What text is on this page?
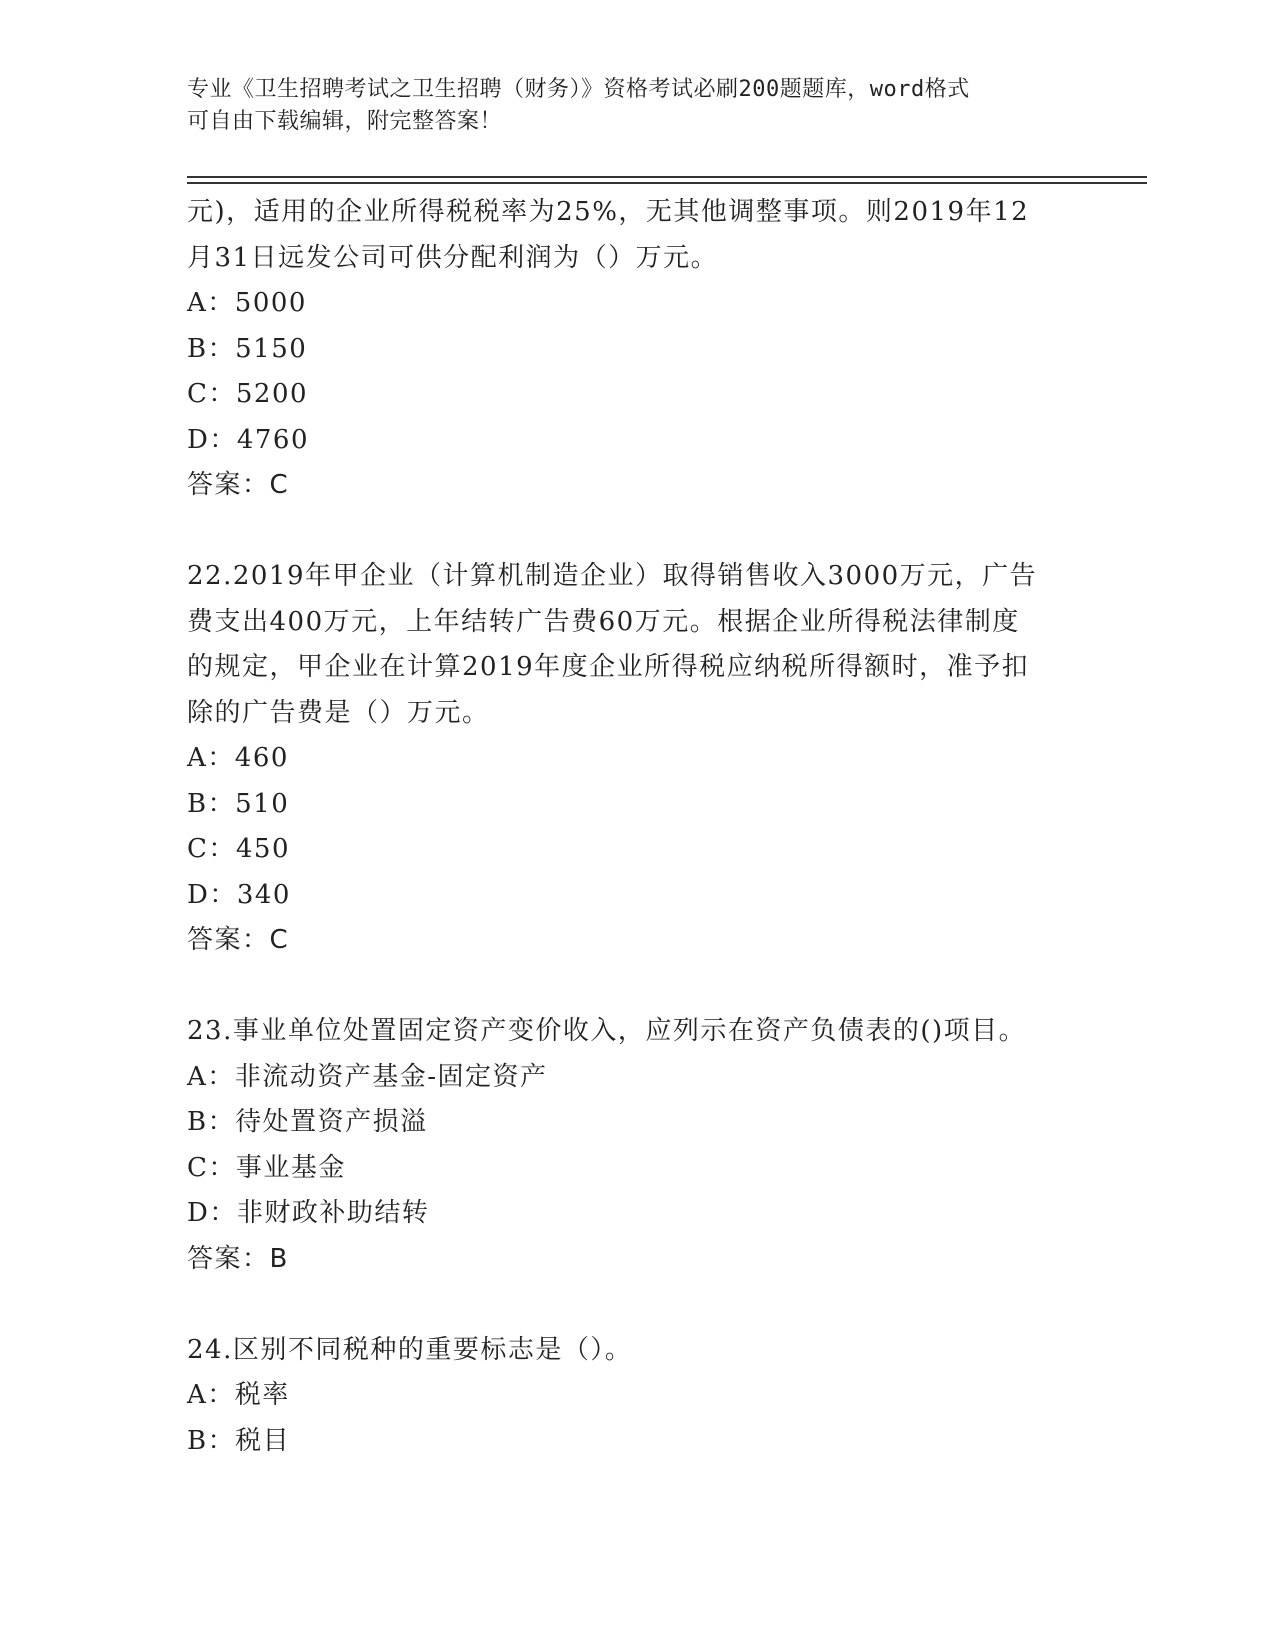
专业《卫生招聘考试之卫生招聘（财务）》资格考试必刷200题题库，word格式
可自由下载编辑，附完整答案！
元)，适用的企业所得税税率为25%，无其他调整事项。则2019年12
月31日远发公司可供分配利润为（）万元。
A：5000
B：5150
C：5200
D：4760
答案：C
22.2019年甲企业（计算机制造企业）取得销售收入3000万元，广告
费支出400万元，上年结转广告费60万元。根据企业所得税法律制度
的规定，甲企业在计算2019年度企业所得税应纳税所得额时，准予扣
除的广告费是（）万元。
A：460
B：510
C：450
D：340
答案：C
23.事业单位处置固定资产变价收入，应列示在资产负债表的()项目。
A：非流动资产基金-固定资产
B：待处置资产损溢
C：事业基金
D：非财政补助结转
答案：B
24.区别不同税种的重要标志是（）。
A：税率
B：税目
